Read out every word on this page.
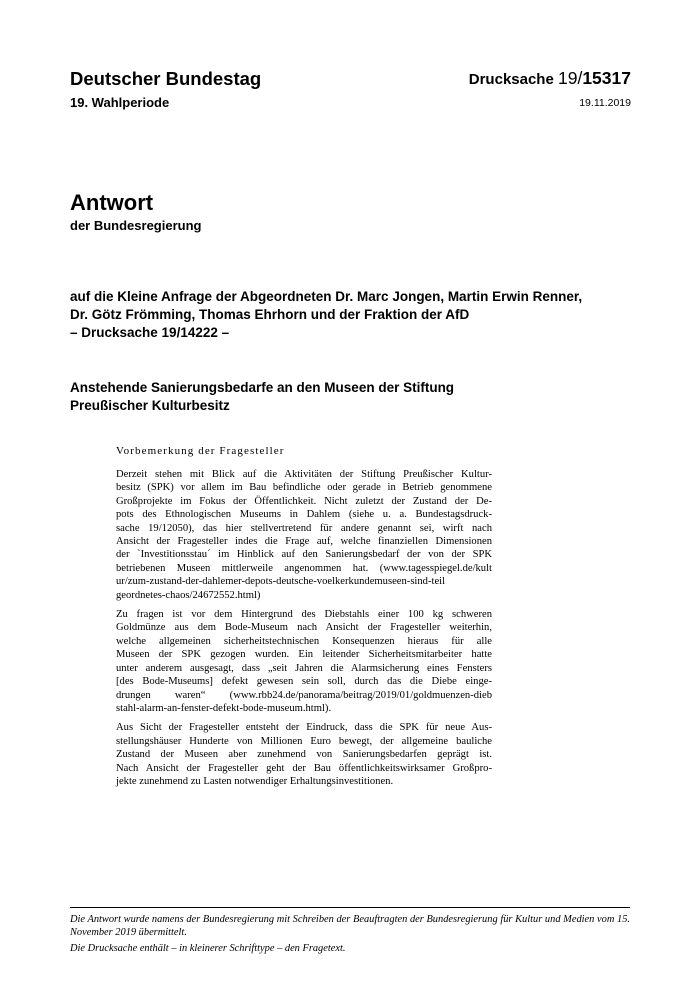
Deutscher Bundestag
19. Wahlperiode
Drucksache 19/15317
19.11.2019
Antwort
der Bundesregierung

auf die Kleine Anfrage der Abgeordneten Dr. Marc Jongen, Martin Erwin Renner,
Dr. Götz Frömming, Thomas Ehrhorn und der Fraktion der AfD
– Drucksache 19/14222 –

Anstehende Sanierungsbedarfe an den Museen der Stiftung
Preußischer Kulturbesitz

Vorbemerkung der Fragesteller

Derzeit stehen mit Blick auf die Aktivitäten der Stiftung Preußischer Kultur-
besitz (SPK) vor allem im Bau befindliche oder gerade in Betrieb genommene
Großprojekte im Fokus der Öffentlichkeit. Nicht zuletzt der Zustand der De-
pots des Ethnologischen Museums in Dahlem (siehe u. a. Bundestagsdruck-
sache 19/12050), das hier stellvertretend für andere genannt sei, wirft nach
Ansicht der Fragesteller indes die Frage auf, welche finanziellen Dimensionen
der `Investitionsstau´ im Hinblick auf den Sanierungsbedarf der von der SPK
betriebenen Museen mittlerweile angenommen hat. (www.tagesspiegel.de/kult
ur/zum-zustand-der-dahlemer-depots-deutsche-voelkerkundemuseen-sind-teil
geordnetes-chaos/24672552.html)

Zu fragen ist vor dem Hintergrund des Diebstahls einer 100 kg schweren
Goldmünze aus dem Bode-Museum nach Ansicht der Fragesteller weiterhin,
welche allgemeinen sicherheitstechnischen Konsequenzen hieraus für alle
Museen der SPK gezogen wurden. Ein leitender Sicherheitsmitarbeiter hatte
unter anderem ausgesagt, dass „seit Jahren die Alarmsicherung eines Fensters
[des Bode-Museums] defekt gewesen sein soll, durch das die Diebe einge-
drungen waren“ (www.rbb24.de/panorama/beitrag/2019/01/goldmuenzen-dieb
stahl-alarm-an-fenster-defekt-bode-museum.html).

Aus Sicht der Fragesteller entsteht der Eindruck, dass die SPK für neue Aus-
stellungshäuser Hunderte von Millionen Euro bewegt, der allgemeine bauliche
Zustand der Museen aber zunehmend von Sanierungsbedarfen geprägt ist.
Nach Ansicht der Fragesteller geht der Bau öffentlichkeitswirksamer Großpro-
jekte zunehmend zu Lasten notwendiger Erhaltungsinvestitionen.

Die Antwort wurde namens der Bundesregierung mit Schreiben der Beauftragten der Bundesregierung für Kultur und Medien vom 15. November 2019 übermittelt.

Die Drucksache enthält – in kleinerer Schrifttype – den Fragetext.
